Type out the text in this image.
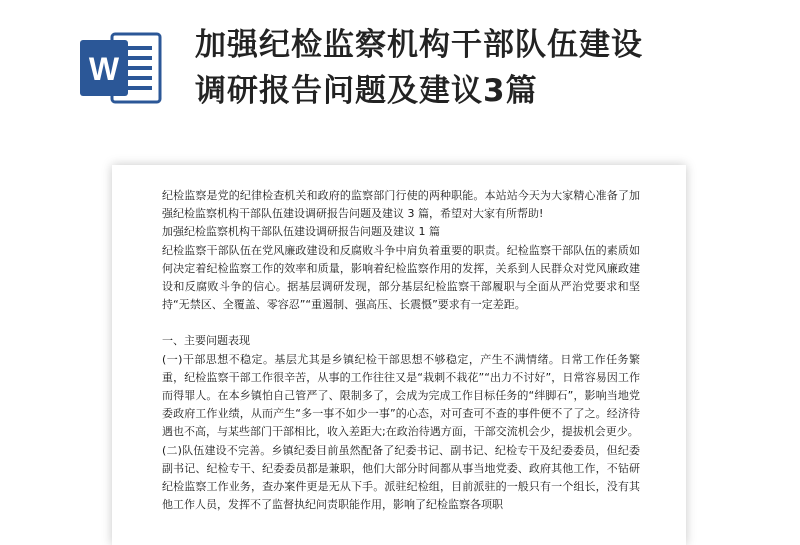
W
加强纪检监察机构干部队伍建设
调研报告问题及建议3篇

纪检监察是党的纪律检查机关和政府的监察部门行使的两种职能。本站站今天为大家精心准备了加强纪检监察机构干部队伍建设调研报告问题及建议 3 篇，希望对大家有所帮助!

加强纪检监察机构干部队伍建设调研报告问题及建议 1 篇

纪检监察干部队伍在党风廉政建设和反腐败斗争中肩负着重要的职责。纪检监察干部队伍的素质如何决定着纪检监察工作的效率和质量，影响着纪检监察作用的发挥，关系到人民群众对党风廉政建设和反腐败斗争的信心。据基层调研发现，部分基层纪检监察干部履职与全面从严治党要求和坚持“无禁区、全覆盖、零容忍”“重遏制、强高压、长震慑”要求有一定差距。

一、主要问题表现

(一)干部思想不稳定。基层尤其是乡镇纪检干部思想不够稳定，产生不满情绪。日常工作任务繁重，纪检监察干部工作很辛苦，从事的工作往往又是“栽刺不栽花”“出力不讨好”，日常容易因工作而得罪人。在本乡镇怕自己管严了、限制多了，会成为完成工作目标任务的“绊脚石”，影响当地党委政府工作业绩，从而产生“多一事不如少一事”的心态，对可查可不查的事件便不了了之。经济待遇也不高，与某些部门干部相比，收入差距大;在政治待遇方面，干部交流机会少，提拔机会更少。

(二)队伍建设不完善。乡镇纪委目前虽然配备了纪委书记、副书记、纪检专干及纪委委员，但纪委副书记、纪检专干、纪委委员都是兼职，他们大部分时间都从事当地党委、政府其他工作，不钻研纪检监察工作业务，查办案件更是无从下手。派驻纪检组，目前派驻的一般只有一个组长，没有其他工作人员，发挥不了监督执纪问责职能作用，影响了纪检监察各项职
